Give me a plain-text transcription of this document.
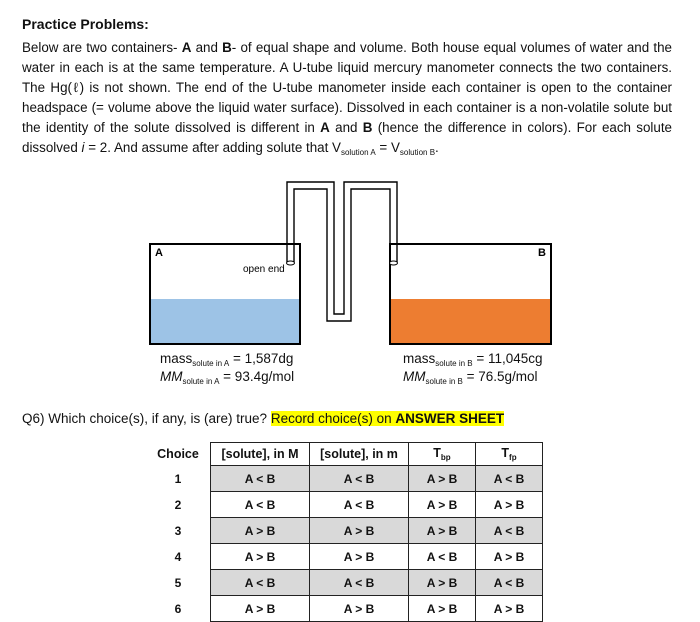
Practice Problems:
Below are two containers- A and B- of equal shape and volume. Both house equal volumes of water and the water in each is at the same temperature. A U-tube liquid mercury manometer connects the two containers. The Hg(ℓ) is not shown. The end of the U-tube manometer inside each container is open to the container headspace (= volume above the liquid water surface). Dissolved in each container is a non-volatile solute but the identity of the solute dissolved is different in A and B (hence the difference in colors). For each solute dissolved i = 2. And assume after adding solute that $V_{solution A} = V_{solution B}$.
A	B
open end
mass$_{solute in A}$ = 1,587dg
$MM_{solute in A} = 93.4g/mol$
mass$_{solute in B}$ = 11,045cg
$MM_{solute in B} = 76.5g/mol$
Q6) Which choice(s), if any, is (are) true? Record choice(s) on ANSWER SHEET
Choice	[solute], in M	[solute], in m	$T_{bp}$	$T_{fp}$
1	A < B	A < B	A > B	A < B
2	A < B	A < B	A > B	A > B
3	A > B	A > B	A > B	A < B
4	A > B	A > B	A < B	A > B
5	A < B	A < B	A > B	A < B
6	A > B	A > B	A > B	A > B
